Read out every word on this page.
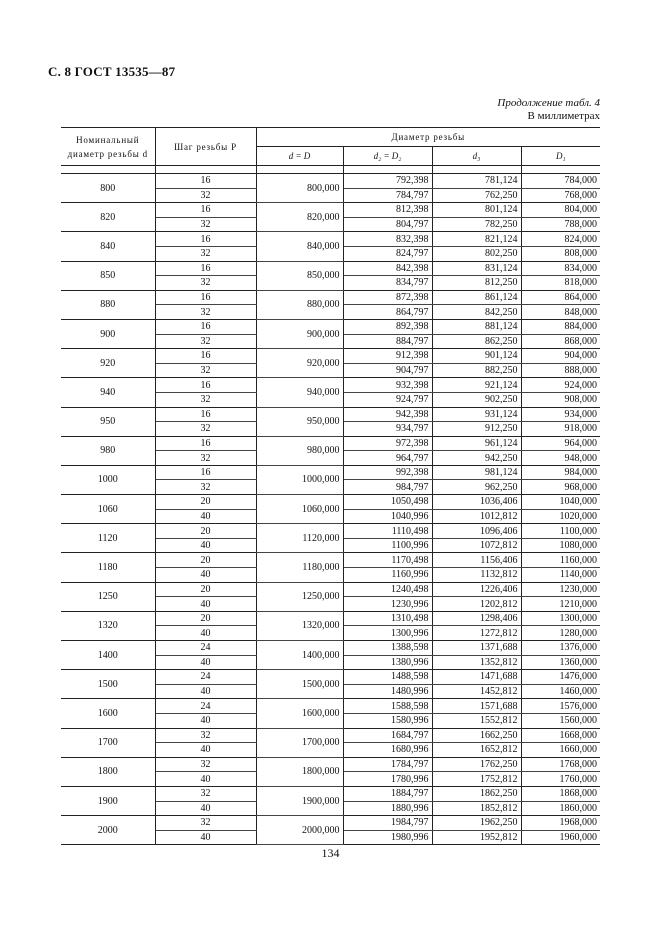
С. 8 ГОСТ 13535—87
Продолжение табл. 4
В миллиметрах
Номинальный диаметр резьбы d	Шаг резьбы P	Диаметр резьбы			
		d = D	d₂ = D₂	d₃	D₁

800	16	800,000	792,398	781,124	784,000
	32		784,797	762,250	768,000
820	16	820,000	812,398	801,124	804,000
	32		804,797	782,250	788,000
840	16	840,000	832,398	821,124	824,000
	32		824,797	802,250	808,000
850	16	850,000	842,398	831,124	834,000
	32		834,797	812,250	818,000
880	16	880,000	872,398	861,124	864,000
	32		864,797	842,250	848,000
900	16	900,000	892,398	881,124	884,000
	32		884,797	862,250	868,000
920	16	920,000	912,398	901,124	904,000
	32		904,797	882,250	888,000
940	16	940,000	932,398	921,124	924,000
	32		924,797	902,250	908,000
950	16	950,000	942,398	931,124	934,000
	32		934,797	912,250	918,000
980	16	980,000	972,398	961,124	964,000
	32		964,797	942,250	948,000
1000	16	1000,000	992,398	981,124	984,000
	32		984,797	962,250	968,000
1060	20	1060,000	1050,498	1036,406	1040,000
	40		1040,996	1012,812	1020,000
1120	20	1120,000	1110,498	1096,406	1100,000
	40		1100,996	1072,812	1080,000
1180	20	1180,000	1170,498	1156,406	1160,000
	40		1160,996	1132,812	1140,000
1250	20	1250,000	1240,498	1226,406	1230,000
	40		1230,996	1202,812	1210,000
1320	20	1320,000	1310,498	1298,406	1300,000
	40		1300,996	1272,812	1280,000
1400	24	1400,000	1388,598	1371,688	1376,000
	40		1380,996	1352,812	1360,000
1500	24	1500,000	1488,598	1471,688	1476,000
	40		1480,996	1452,812	1460,000
1600	24	1600,000	1588,598	1571,688	1576,000
	40		1580,996	1552,812	1560,000
1700	32	1700,000	1684,797	1662,250	1668,000
	40		1680,996	1652,812	1660,000
1800	32	1800,000	1784,797	1762,250	1768,000
	40		1780,996	1752,812	1760,000
1900	32	1900,000	1884,797	1862,250	1868,000
	40		1880,996	1852,812	1860,000
2000	32	2000,000	1984,797	1962,250	1968,000
	40		1980,996	1952,812	1960,000
134
